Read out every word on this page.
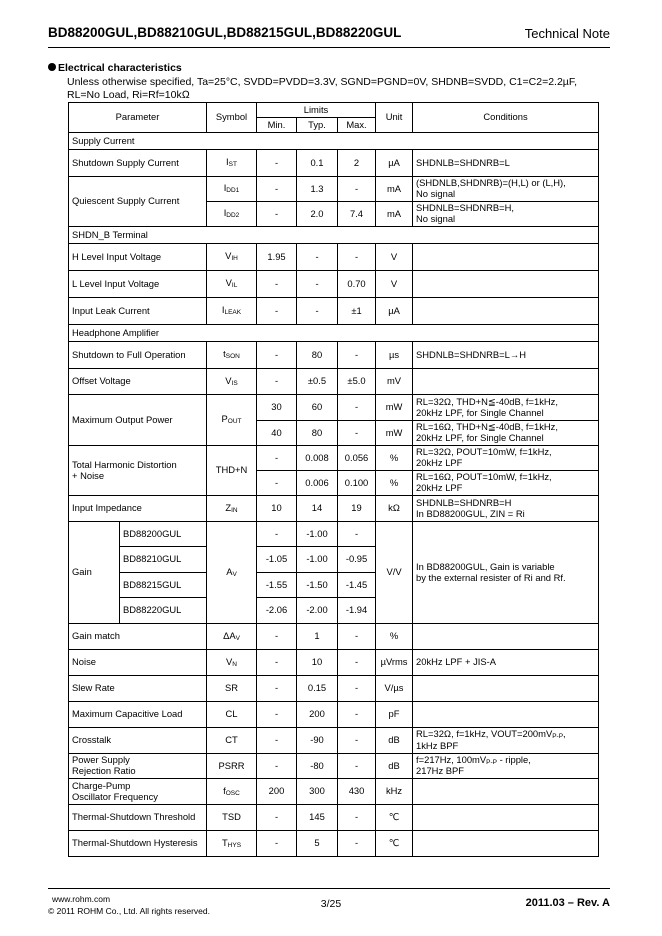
BD88200GUL,BD88210GUL,BD88215GUL,BD88220GUL	Technical Note
Electrical characteristics
Unless otherwise specified, Ta=25°C, SVDD=PVDD=3.3V, SGND=PGND=0V, SHDNB=SVDD, C1=C2=2.2µF,
RL=No Load, Ri=Rf=10kΩ
Parameter		Symbol	Limits			Unit	Conditions
			Min.	Typ.	Max.		
Supply Current							
Shutdown Supply Current		IST	-	0.1	2	µA	SHDNLB=SHDNRB=L
Quiescent Supply Current		IDD1	-	1.3	-	mA	(SHDNLB,SHDNRB)=(H,L) or (L,H),
No signal
		IDD2	-	2.0	7.4	mA	SHDNLB=SHDNRB=H,
No signal
SHDN_B Terminal							
H Level Input Voltage		VIH	1.95	-	-	V	
L Level Input Voltage		VIL	-	-	0.70	V	
Input Leak Current		ILEAK	-	-	±1	µA	
Headphone Amplifier							
Shutdown to Full Operation		tSON	-	80	-	µs	SHDNLB=SHDNRB=L→H
Offset Voltage		VIS	-	±0.5	±5.0	mV	
Maximum Output Power		POUT	30	60	-	mW	RL=32Ω, THD+N≦-40dB, f=1kHz,
20kHz LPF, for Single Channel
			40	80	-	mW	RL=16Ω, THD+N≦-40dB, f=1kHz,
20kHz LPF, for Single Channel
Total Harmonic Distortion
+ Noise		THD+N	-	0.008	0.056	%	RL=32Ω, POUT=10mW, f=1kHz,
20kHz LPF
			-	0.006	0.100	%	RL=16Ω, POUT=10mW, f=1kHz,
20kHz LPF
Input Impedance		ZIN	10	14	19	kΩ	SHDNLB=SHDNRB=H
In BD88200GUL, ZIN = Ri
Gain	BD88200GUL	AV	-	-1.00	-	V/V	In BD88200GUL, Gain is variable
by the external resister of Ri and Rf.
	BD88210GUL		-1.05	-1.00	-0.95		
	BD88215GUL		-1.55	-1.50	-1.45		
	BD88220GUL		-2.06	-2.00	-1.94		
Gain match		ΔAV	-	1	-	%	
Noise		VN	-	10	-	µVrms	20kHz LPF + JIS-A
Slew Rate		SR	-	0.15	-	V/µs	
Maximum Capacitive Load		CL	-	200	-	pF	
Crosstalk		CT	-	-90	-	dB	RL=32Ω, f=1kHz, VOUT=200mVP-P,
1kHz BPF
Power Supply
Rejection Ratio		PSRR	-	-80	-	dB	f=217Hz, 100mVP-P - ripple,
217Hz BPF
Charge-Pump
Oscillator Frequency		fOSC	200	300	430	kHz	
Thermal-Shutdown Threshold		TSD	-	145	-	℃	
Thermal-Shutdown Hysteresis		THYS	-	5	-	℃	
www.rohm.com
© 2011 ROHM Co., Ltd. All rights reserved.
3/25	2011.03 – Rev. A
